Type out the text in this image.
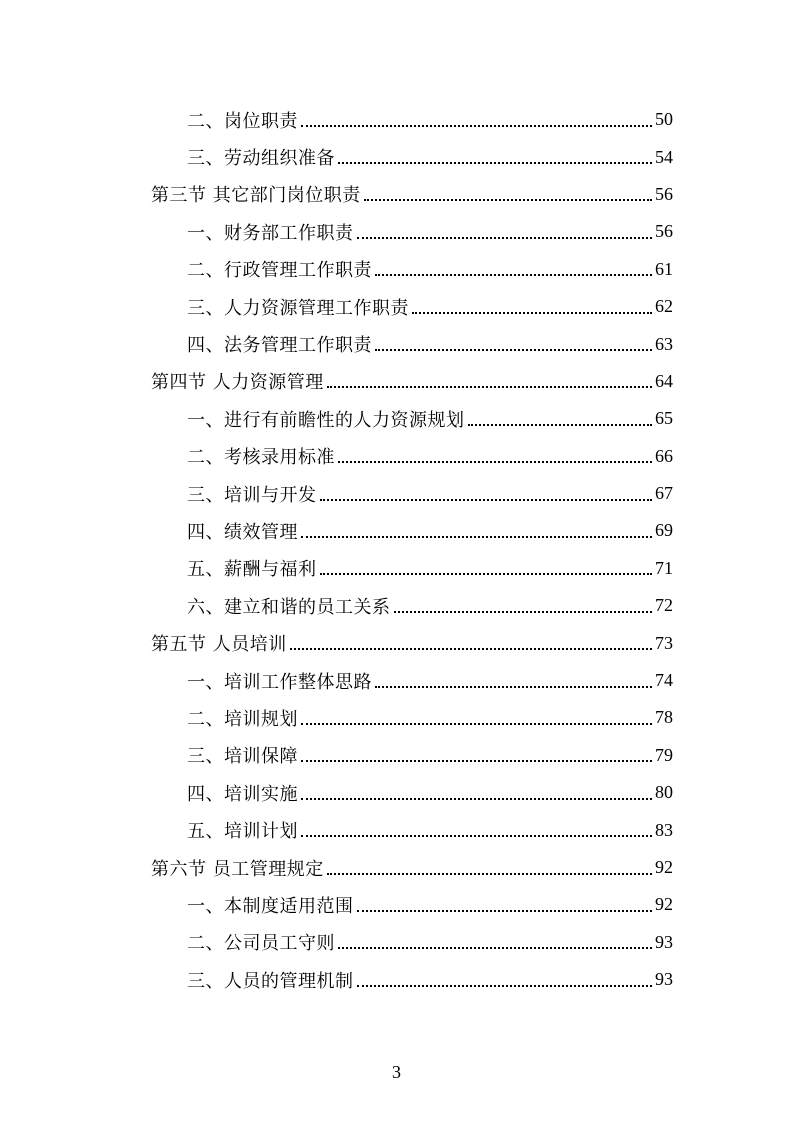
二、岗位职责	50
三、劳动组织准备	54
第三节 其它部门岗位职责	56
一、财务部工作职责	56
二、行政管理工作职责	61
三、人力资源管理工作职责	62
四、法务管理工作职责	63
第四节 人力资源管理	64
一、进行有前瞻性的人力资源规划	65
二、考核录用标准	66
三、培训与开发	67
四、绩效管理	69
五、薪酬与福利	71
六、建立和谐的员工关系	72
第五节 人员培训	73
一、培训工作整体思路	74
二、培训规划	78
三、培训保障	79
四、培训实施	80
五、培训计划	83
第六节 员工管理规定	92
一、本制度适用范围	92
二、公司员工守则	93
三、人员的管理机制	93
3
